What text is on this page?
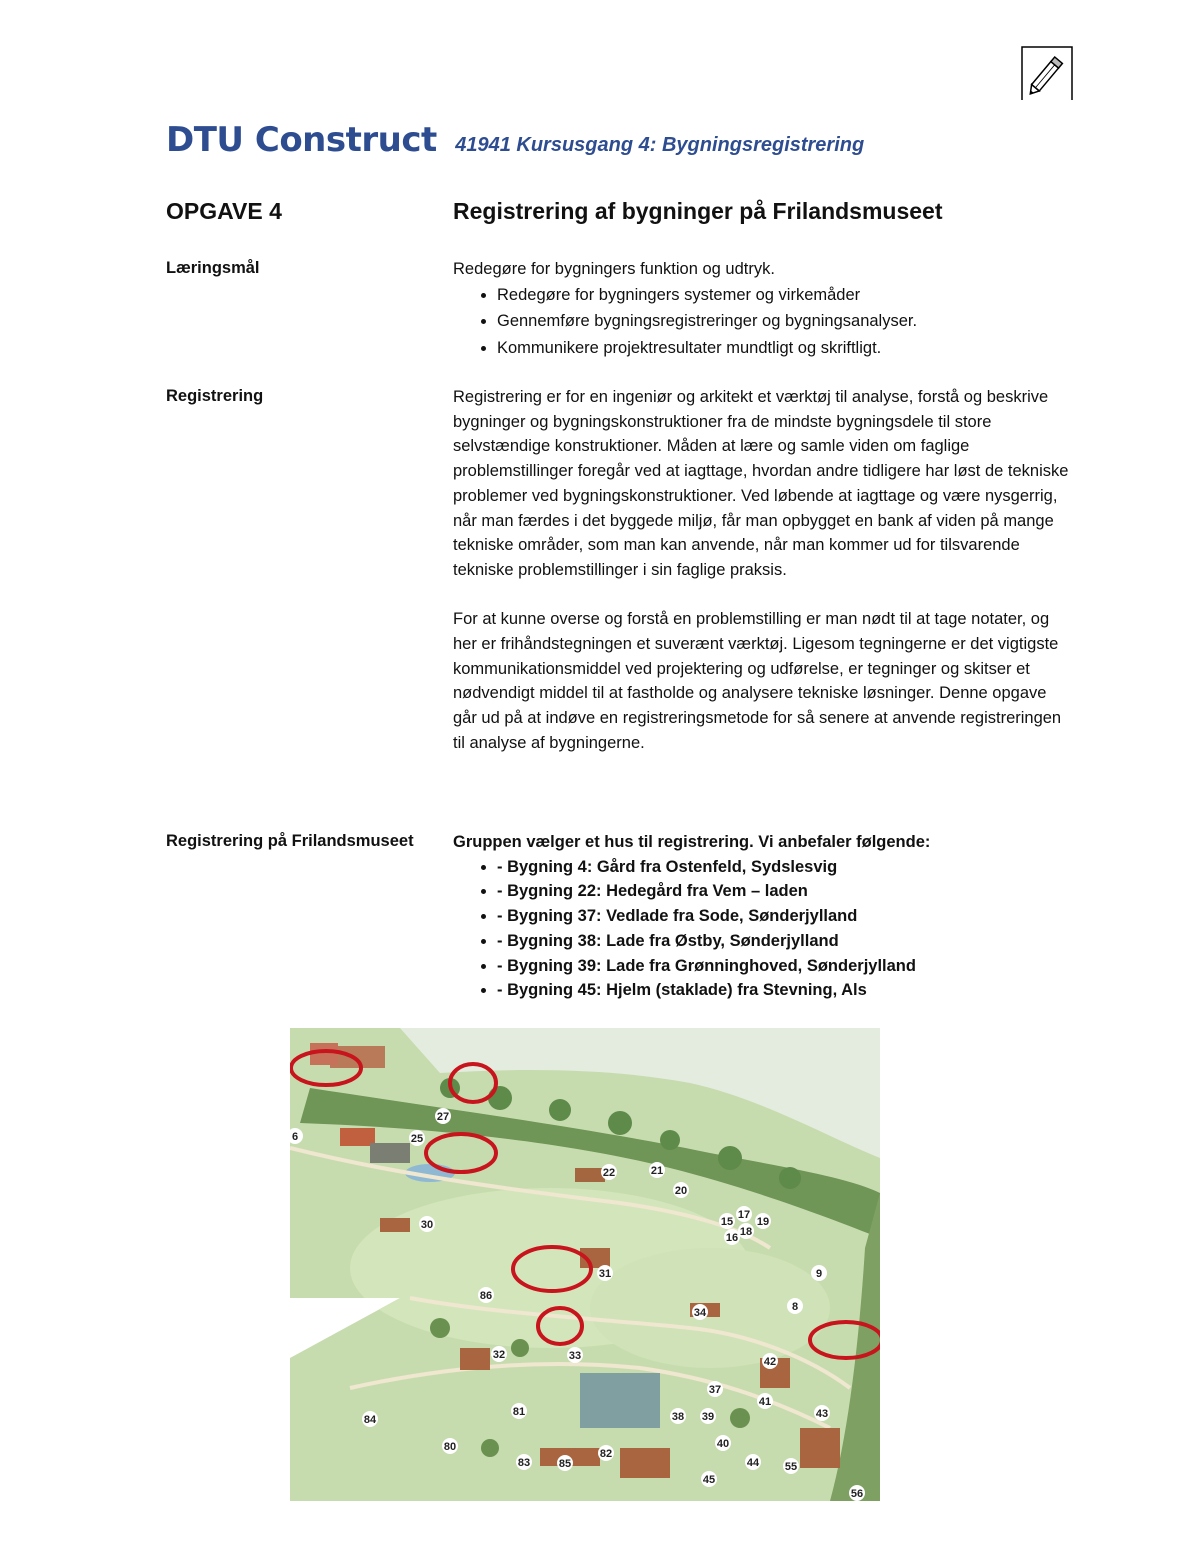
DTU Construct 41941 Kursusgang 4: Bygningsregistrering
OPGAVE 4	Registrering af bygninger på Frilandsmuseet
Læringsmål	Redegøre for bygningers funktion og udtryk.

• Redegøre for bygningers systemer og virkemåder
• Gennemføre bygningsregistreringer og bygningsanalyser.
• Kommunikere projektresultater mundtligt og skriftligt.
Registrering	Registrering er for en ingeniør og arkitekt et værktøj til analyse, forstå og beskrive bygninger og bygningskonstruktioner fra de mindste bygningsdele til store selvstændige konstruktioner. Måden at lære og samle viden om faglige problemstillinger foregår ved at iagttage, hvordan andre tidligere har løst de tekniske problemer ved bygningskonstruktioner. Ved løbende at iagttage og være nysgerrig, når man færdes i det byggede miljø, får man opbygget en bank af viden på mange tekniske områder, som man kan anvende, når man kommer ud for tilsvarende tekniske problemstillinger i sin faglige praksis.

For at kunne overse og forstå en problemstilling er man nødt til at tage notater, og her er frihåndstegningen et suverænt værktøj. Ligesom tegningerne er det vigtigste kommunikationsmiddel ved projektering og udførelse, er tegninger og skitser et nødvendigt middel til at fastholde og analysere tekniske løsninger. Denne opgave går ud på at indøve en registreringsmetode for så senere at anvende registreringen til analyse af bygningerne.

Registrering på Frilandsmuseet Gruppen vælger et hus til registrering. Vi anbefaler følgende:

• - Bygning 4: Gård fra Ostenfeld, Sydslesvig
• - Bygning 22: Hedegård fra Vem – laden
• - Bygning 37: Vedlade fra Sode, Sønderjylland
• - Bygning 38: Lade fra Østby, Sønderjylland
• - Bygning 39: Lade fra Grønninghoved, Sønderjylland
• - Bygning 45: Hjelm (staklade) fra Stevning, Als
6
27
25
22	21
20
30
17
15 19
18
16
31	9
86
8
34
32	33	42
37
41
84
81	38 39	43
80	40
82
83	85	44 55
45
56
